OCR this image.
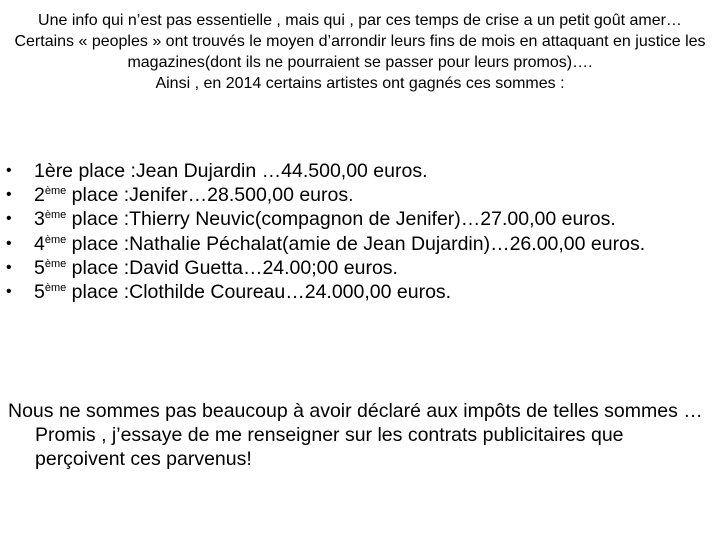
Une info qui n’est pas essentielle , mais qui , par ces temps de crise a un petit goût amer…

Certains « peoples » ont trouvés le moyen d’arrondir leurs fins de mois en attaquant en justice les magazines(dont ils ne pourraient se passer pour leurs promos)….

Ainsi , en 2014 certains artistes ont gagnés ces sommes :

• 1ère place :Jean Dujardin …44.500,00 euros.
• 2ème place :Jenifer…28.500,00 euros.
• 3ème place :Thierry Neuvic(compagnon de Jenifer)…27.00,00 euros.
• 4ème place :Nathalie Péchalat(amie de Jean Dujardin)…26.00,00 euros.
• 5ème place :David Guetta…24.00;00 euros.
• 5ème place :Clothilde Coureau…24.000,00 euros.

Nous ne sommes pas beaucoup à avoir déclaré aux impôts de telles sommes …Promis , j’essaye de me renseigner sur les contrats publicitaires que perçoivent ces parvenus!
